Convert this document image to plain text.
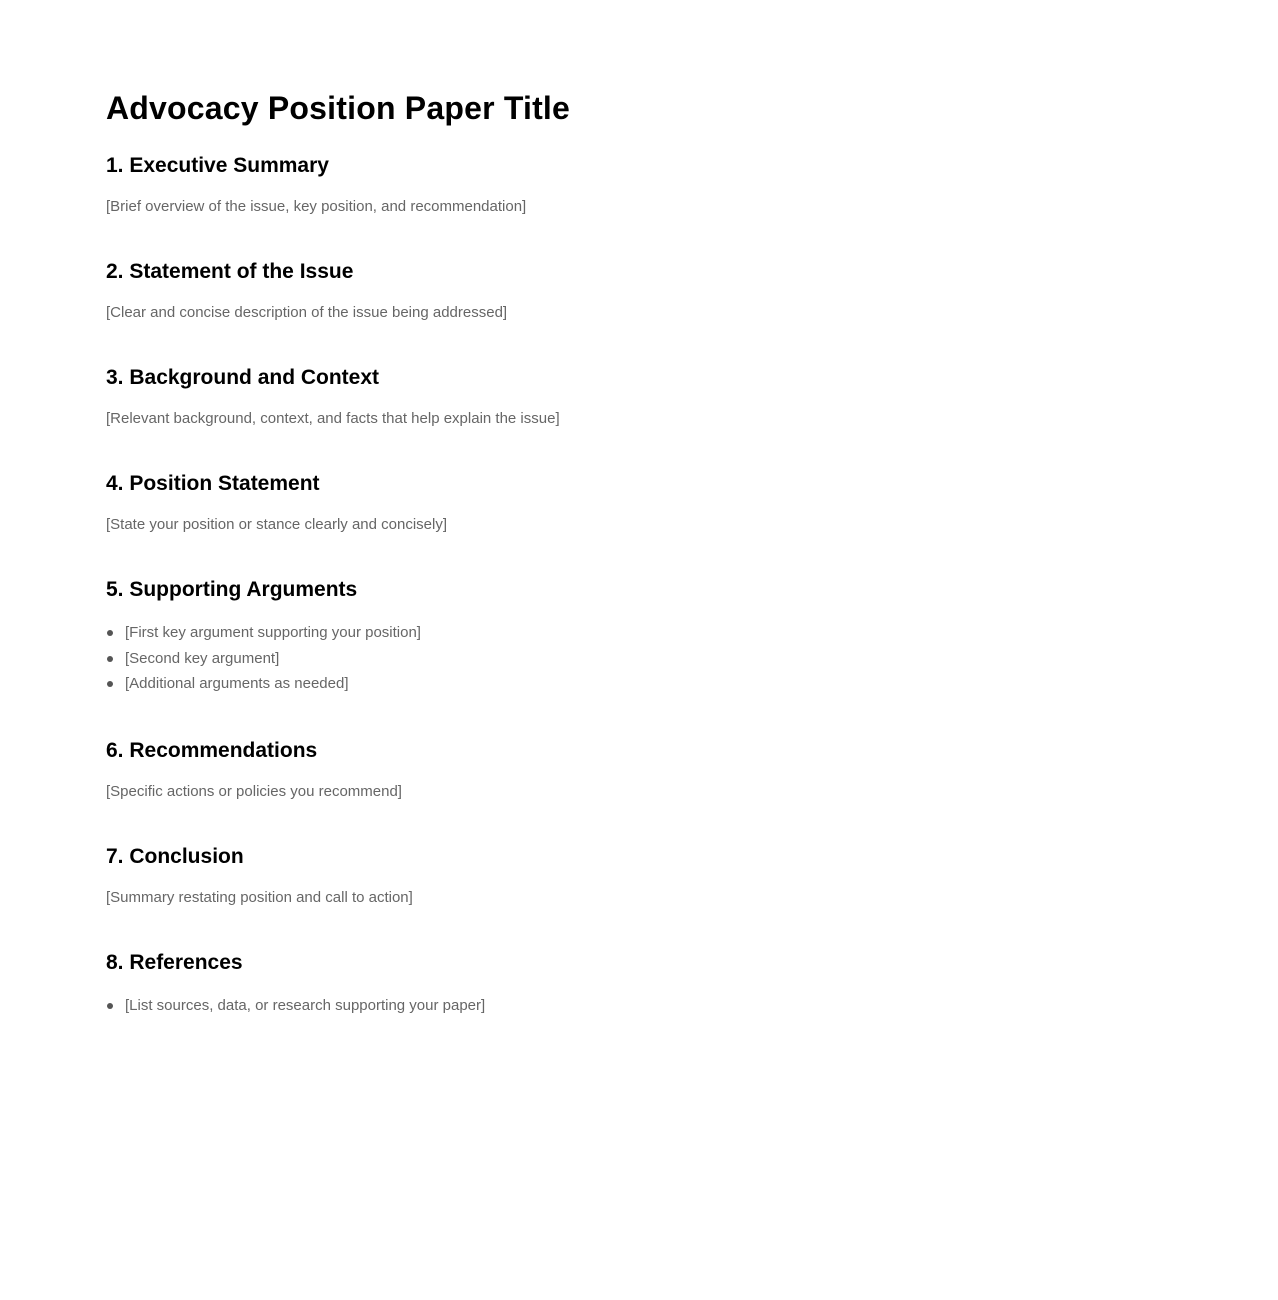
Advocacy Position Paper Title
1. Executive Summary

[Brief overview of the issue, key position, and recommendation]

2. Statement of the Issue

[Clear and concise description of the issue being addressed]

3. Background and Context

[Relevant background, context, and facts that help explain the issue]

4. Position Statement

[State your position or stance clearly and concisely]

5. Supporting Arguments
[First key argument supporting your position]
[Second key argument]
[Additional arguments as needed]
6. Recommendations

[Specific actions or policies you recommend]

7. Conclusion

[Summary restating position and call to action]

8. References
[List sources, data, or research supporting your paper]
